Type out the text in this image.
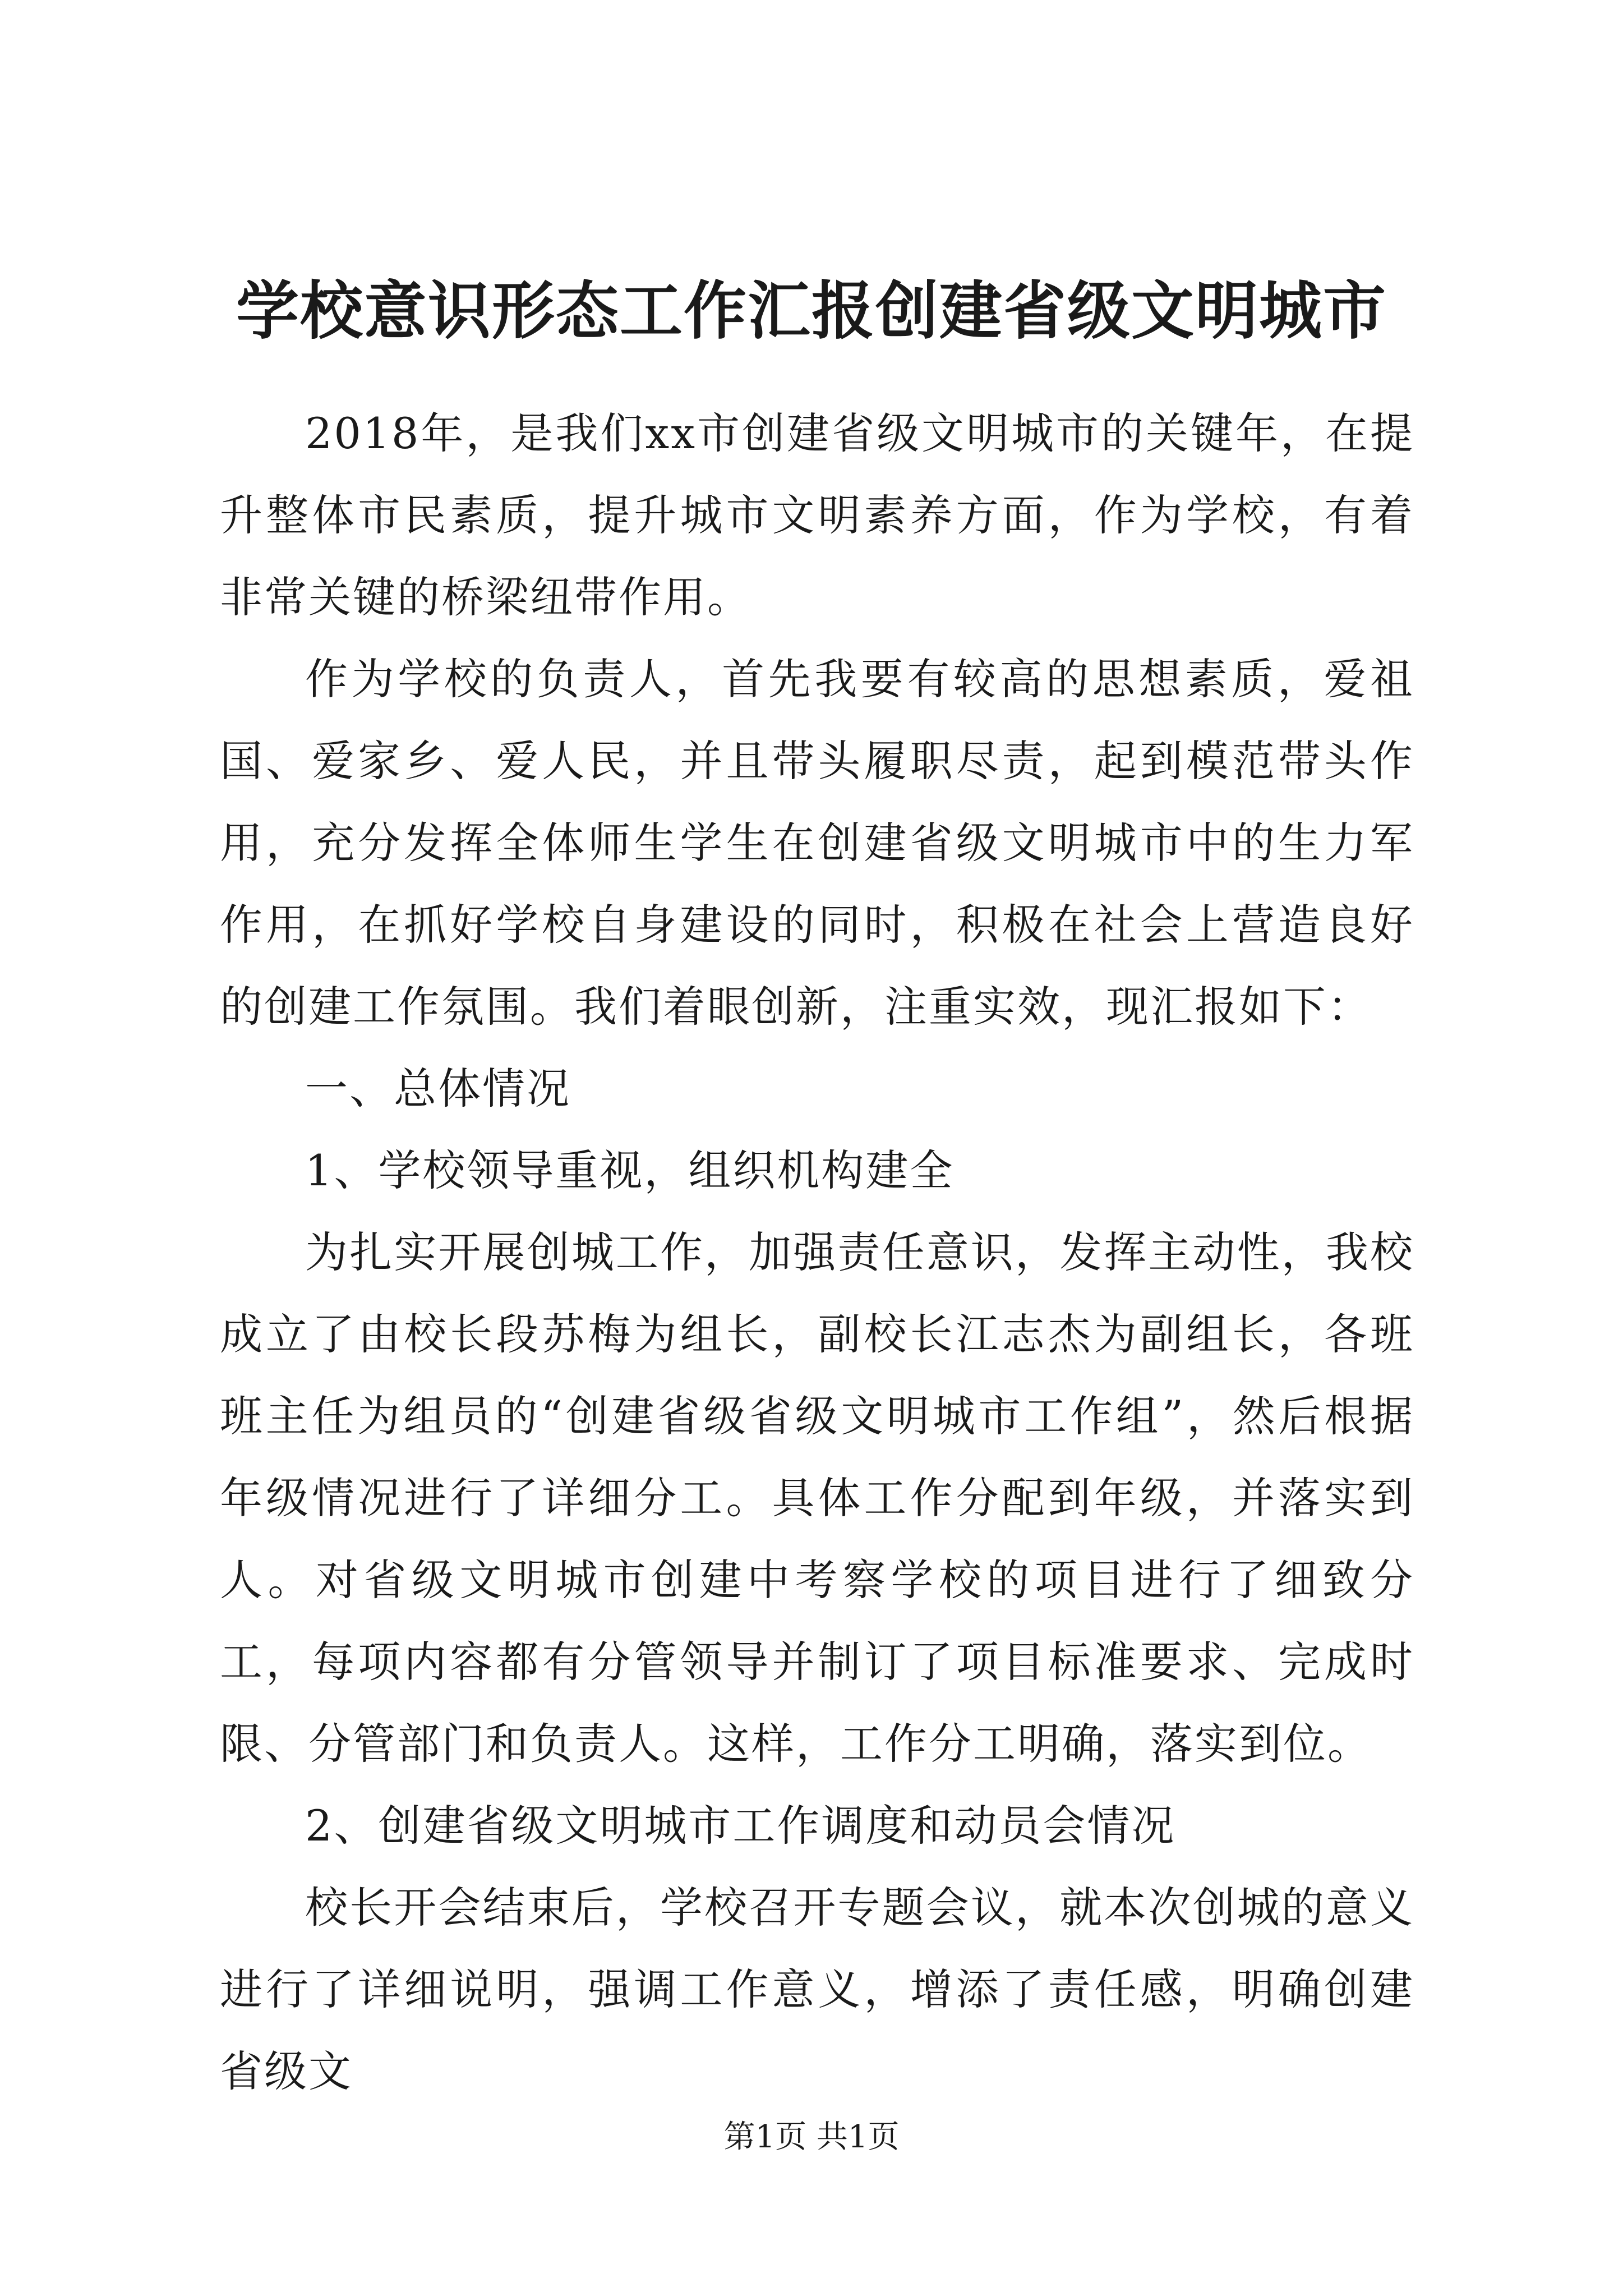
学校意识形态工作汇报创建省级文明城市

2018年，是我们xx市创建省级文明城市的关键年，在提升整体市民素质，提升城市文明素养方面，作为学校，有着非常关键的桥梁纽带作用。

作为学校的负责人，首先我要有较高的思想素质，爱祖国、爱家乡、爱人民，并且带头履职尽责，起到模范带头作用，充分发挥全体师生学生在创建省级文明城市中的生力军作用，在抓好学校自身建设的同时，积极在社会上营造良好的创建工作氛围。我们着眼创新，注重实效，现汇报如下：

一、总体情况

1、学校领导重视，组织机构建全

为扎实开展创城工作，加强责任意识，发挥主动性，我校成立了由校长段苏梅为组长，副校长江志杰为副组长，各班班主任为组员的“创建省级省级文明城市工作组”，然后根据年级情况进行了详细分工。具体工作分配到年级，并落实到人。对省级文明城市创建中考察学校的项目进行了细致分工，每项内容都有分管领导并制订了项目标准要求、完成时限、分管部门和负责人。这样，工作分工明确，落实到位。

2、创建省级文明城市工作调度和动员会情况

校长开会结束后，学校召开专题会议，就本次创城的意义进行了详细说明，强调工作意义，增添了责任感，明确创建省级文

第1页 共1页
